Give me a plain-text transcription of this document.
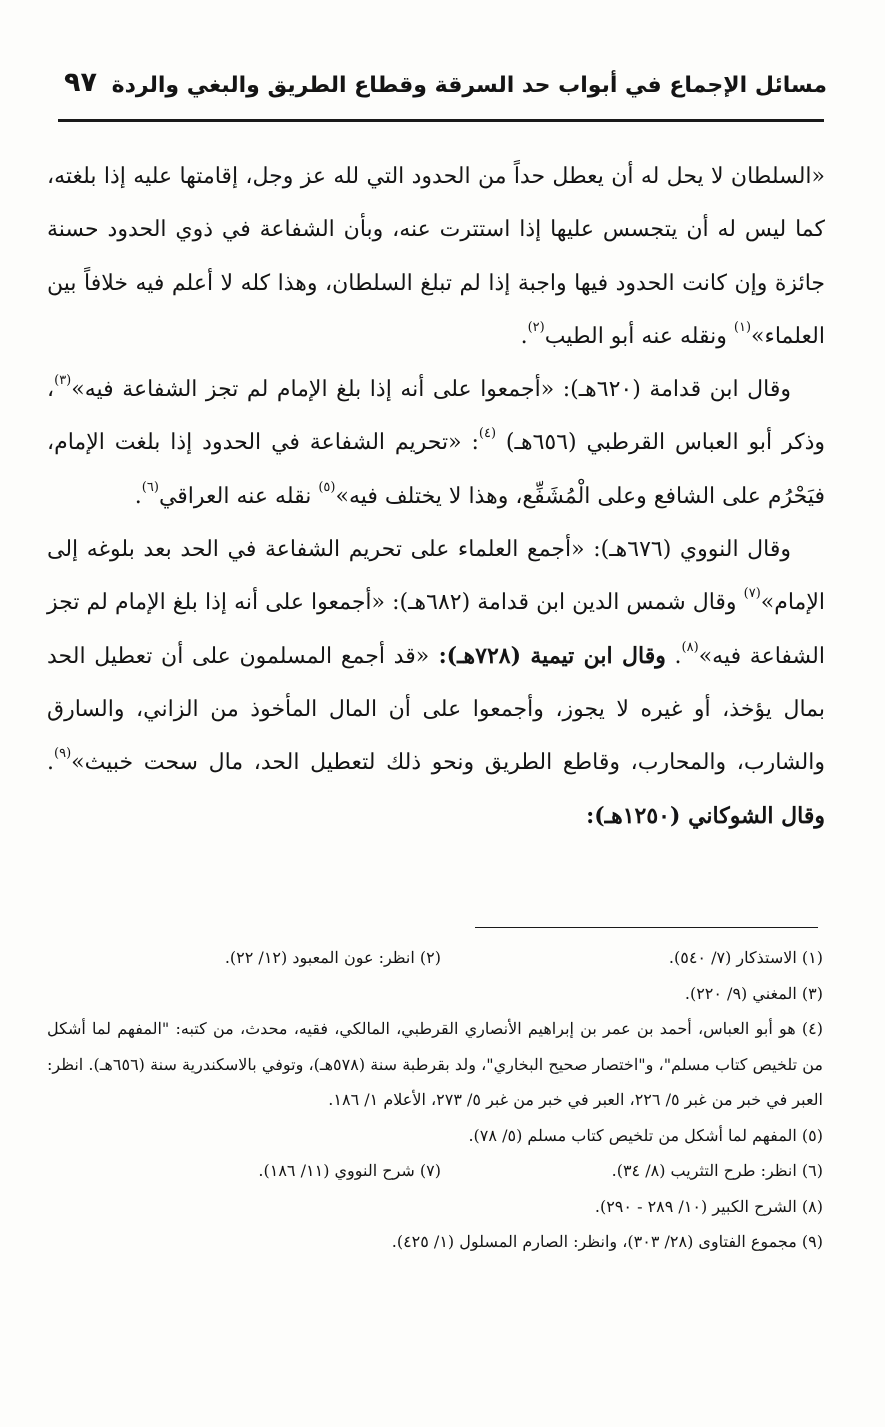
مسائل الإجماع في أبواب حد السرقة وقطاع الطريق والبغي والردة
٩٧

«السلطان لا يحل له أن يعطل حداً من الحدود التي لله عز وجل، إقامتها عليه إذا بلغته، كما ليس له أن يتجسس عليها إذا استترت عنه، وبأن الشفاعة في ذوي الحدود حسنة جائزة وإن كانت الحدود فيها واجبة إذا لم تبلغ السلطان، وهذا كله لا أعلم فيه خلافاً بين العلماء»$^{(١)}$ ونقله عنه أبو الطيب$^{(٢)}$.

وقال ابن قدامة (٦٢٠هـ): «أجمعوا على أنه إذا بلغ الإمام لم تجز الشفاعة فيه»$^{(٣)}$، وذكر أبو العباس القرطبي (٦٥٦هـ) $^{(٤)}$: «تحريم الشفاعة في الحدود إذا بلغت الإمام، فيَحْرُم على الشافع وعلى الْمُشَفِّع، وهذا لا يختلف فيه»$^{(٥)}$ نقله عنه العراقي$^{(٦)}$.

وقال النووي (٦٧٦هـ): «أجمع العلماء على تحريم الشفاعة في الحد بعد بلوغه إلى الإمام»$^{(٧)}$ وقال شمس الدين ابن قدامة (٦٨٢هـ): «أجمعوا على أنه إذا بلغ الإمام لم تجز الشفاعة فيه»$^{(٨)}$. وقال ابن تيمية (٧٢٨هـ): «قد أجمع المسلمون على أن تعطيل الحد بمال يؤخذ، أو غيره لا يجوز، وأجمعوا على أن المال المأخوذ من الزاني، والسارق والشارب، والمحارب، وقاطع الطريق ونحو ذلك لتعطيل الحد، مال سحت خبيث»$^{(٩)}$. وقال الشوكاني (١٢٥٠هـ):

(١) الاستذكار (٧/ ٥٤٠).
(٢) انظر: عون المعبود (١٢/ ٢٢).
(٣) المغني (٩/ ٢٢٠).
(٤) هو أبو العباس، أحمد بن عمر بن إبراهيم الأنصاري القرطبي، المالكي، فقيه، محدث، من كتبه: "المفهم لما أشكل من تلخيص كتاب مسلم"، و"اختصار صحيح البخاري"، ولد بقرطبة سنة (٥٧٨هـ)، وتوفي بالاسكندرية سنة (٦٥٦هـ). انظر: العبر في خبر من غبر ٥/ ٢٢٦، العبر في خبر من غبر ٥/ ٢٧٣، الأعلام ١/ ١٨٦.
(٥) المفهم لما أشكل من تلخيص كتاب مسلم (٥/ ٧٨).
(٦) انظر: طرح التثريب (٨/ ٣٤).
(٧) شرح النووي (١١/ ١٨٦).
(٨) الشرح الكبير (١٠/ ٢٨٩ - ٢٩٠).
(٩) مجموع الفتاوى (٢٨/ ٣٠٣)، وانظر: الصارم المسلول (١/ ٤٢٥).
